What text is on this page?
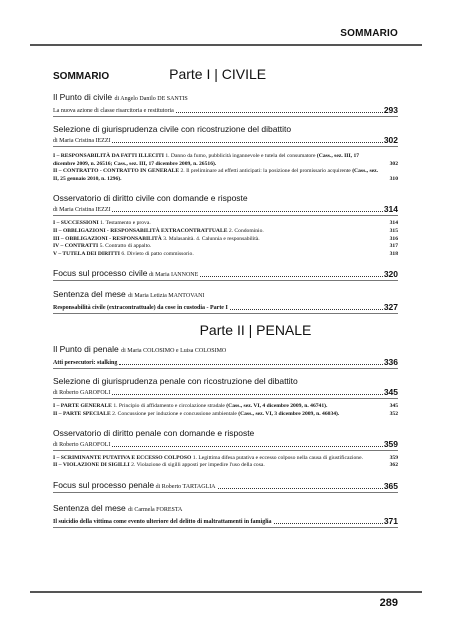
SOMMARIO
SOMMARIO	Parte I | CIVILE
Il Punto di civile di Angelo Danilo DE SANTIS
La nuova azione di classe risarcitoria e restitutoria	293
Selezione di giurisprudenza civile con ricostruzione del dibattito
di Maria Cristina IEZZI	302
I – RESPONSABILITÀ DA FATTI ILLECITI 1. Danno da fumo, pubblicità ingannevole e tutela del consumatore (Cass., sez. III, 17 dicembre 2009, n. 26516; Cass., sez. III, 17 dicembre 2009, n. 26516).	302
II – CONTRATTO - CONTRATTO IN GENERALE 2. Il preliminare ad effetti anticipati: la posizione del promissario acquirente (Cass., sez. II, 25 gennaio 2010, n. 1296).	310
Osservatorio di diritto civile con domande e risposte
di Maria Cristina IEZZI	314
I – SUCCESSIONI 1. Testamento e prova.	314
II – OBBLIGAZIONI - RESPONSABILITÀ EXTRACONTRATTUALE 2. Condominio.	315
III – OBBLIGAZIONI - RESPONSABILITÀ 3. Malasanità. 4. Calunnia e responsabilità.	316
IV – CONTRATTI 5. Contratto di appalto.	317
V – TUTELA DEI DIRITTI 6. Divieto di patto commissorio.	318
Focus sul processo civile di Maria IANNONE	320
Sentenza del mese di Maria Letizia MANTOVANI
Responsabilità civile (extracontrattuale) da cose in custodia - Parte I	327
Parte II | PENALE
Il Punto di penale di Maria COLOSIMO e Luisa COLOSIMO
Atti persecutori: stalking	336
Selezione di giurisprudenza penale con ricostruzione del dibattito
di Roberto GAROFOLI	345
I – PARTE GENERALE 1. Principio di affidamento e circolazione stradale (Cass., sez. VI, 4 dicembre 2009, n. 46741).	345
II – PARTE SPECIALE 2. Concussione per induzione e concussione ambientale (Cass., sez. VI, 3 dicembre 2009, n. 46034).	352
Osservatorio di diritto penale con domande e risposte
di Roberto GAROFOLI	359
I – SCRIMINANTE PUTATIVA E ECCESSO COLPOSO 1. Legittima difesa putativa e eccesso colposo nella causa di giustificazione.	359
II – VIOLAZIONE DI SIGILLI 2. Violazione di sigilli apposti per impedire l'uso della cosa.	362
Focus sul processo penale di Roberto TARTAGLIA	365
Sentenza del mese di Carmela FORESTA
Il suicidio della vittima come evento ulteriore del delitto di maltrattamenti in famiglia	371
289
